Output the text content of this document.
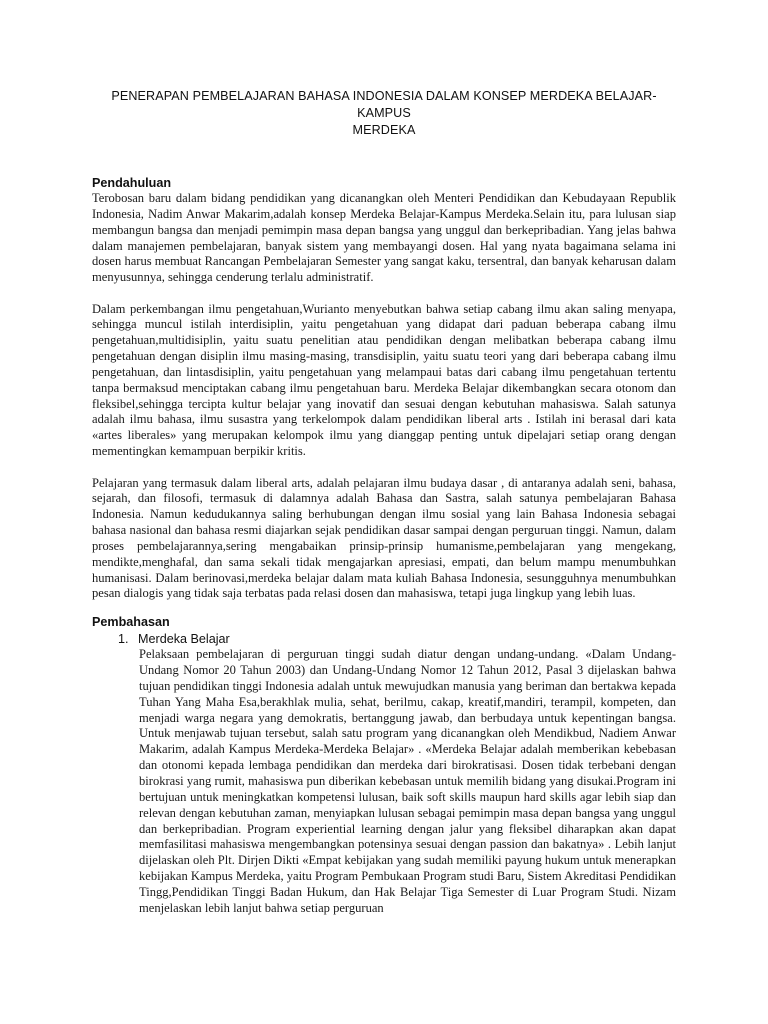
PENERAPAN PEMBELAJARAN BAHASA INDONESIA DALAM KONSEP MERDEKA BELAJAR-KAMPUS
MERDEKA

Pendahuluan

Terobosan baru dalam bidang pendidikan yang dicanangkan oleh Menteri Pendidikan dan Kebudayaan Republik Indonesia, Nadim Anwar Makarim,adalah konsep Merdeka Belajar-Kampus Merdeka.Selain itu, para lulusan siap membangun bangsa dan menjadi pemimpin masa depan bangsa yang unggul dan berkepribadian. Yang jelas bahwa dalam manajemen pembelajaran, banyak sistem yang membayangi dosen. Hal yang nyata bagaimana selama ini dosen harus membuat Rancangan Pembelajaran Semester yang sangat kaku, tersentral, dan banyak keharusan dalam menyusunnya, sehingga cenderung terlalu administratif.

Dalam perkembangan ilmu pengetahuan,Wurianto menyebutkan bahwa setiap cabang ilmu akan saling menyapa, sehingga muncul istilah interdisiplin, yaitu pengetahuan yang didapat dari paduan beberapa cabang ilmu pengetahuan,multidisiplin, yaitu suatu penelitian atau pendidikan dengan melibatkan beberapa cabang ilmu pengetahuan dengan disiplin ilmu masing-masing, transdisiplin, yaitu suatu teori yang dari beberapa cabang ilmu pengetahuan, dan lintasdisiplin, yaitu pengetahuan yang melampaui batas dari cabang ilmu pengetahuan tertentu tanpa bermaksud menciptakan cabang ilmu pengetahuan baru. Merdeka Belajar dikembangkan secara otonom dan fleksibel,sehingga tercipta kultur belajar yang inovatif dan sesuai dengan kebutuhan mahasiswa. Salah satunya adalah ilmu bahasa, ilmu susastra yang terkelompok dalam pendidikan liberal arts . Istilah ini berasal dari kata «artes liberales» yang merupakan kelompok ilmu yang dianggap penting untuk dipelajari setiap orang dengan mementingkan kemampuan berpikir kritis.

Pelajaran yang termasuk dalam liberal arts, adalah pelajaran ilmu budaya dasar , di antaranya adalah seni, bahasa, sejarah, dan filosofi, termasuk di dalamnya adalah Bahasa dan Sastra, salah satunya pembelajaran Bahasa Indonesia. Namun kedudukannya saling berhubungan dengan ilmu sosial yang lain Bahasa Indonesia sebagai bahasa nasional dan bahasa resmi diajarkan sejak pendidikan dasar sampai dengan perguruan tinggi. Namun, dalam proses pembelajarannya,sering mengabaikan prinsip-prinsip humanisme,pembelajaran yang mengekang, mendikte,menghafal, dan sama sekali tidak mengajarkan apresiasi, empati, dan belum mampu menumbuhkan humanisasi. Dalam berinovasi,merdeka belajar dalam mata kuliah Bahasa Indonesia, sesungguhnya menumbuhkan pesan dialogis yang tidak saja terbatas pada relasi dosen dan mahasiswa, tetapi juga lingkup yang lebih luas.

Pembahasan

1. Merdeka Belajar

Pelaksaan pembelajaran di perguruan tinggi sudah diatur dengan undang-undang. «Dalam Undang-Undang Nomor 20 Tahun 2003) dan Undang-Undang Nomor 12 Tahun 2012, Pasal 3 dijelaskan bahwa tujuan pendidikan tinggi Indonesia adalah untuk mewujudkan manusia yang beriman dan bertakwa kepada Tuhan Yang Maha Esa,berakhlak mulia, sehat, berilmu, cakap, kreatif,mandiri, terampil, kompeten, dan menjadi warga negara yang demokratis, bertanggung jawab, dan berbudaya untuk kepentingan bangsa. Untuk menjawab tujuan tersebut, salah satu program yang dicanangkan oleh Mendikbud, Nadiem Anwar Makarim, adalah Kampus Merdeka-Merdeka Belajar» . «Merdeka Belajar adalah memberikan kebebasan dan otonomi kepada lembaga pendidikan dan merdeka dari birokratisasi. Dosen tidak terbebani dengan birokrasi yang rumit, mahasiswa pun diberikan kebebasan untuk memilih bidang yang disukai.Program ini bertujuan untuk meningkatkan kompetensi lulusan, baik soft skills maupun hard skills agar lebih siap dan relevan dengan kebutuhan zaman, menyiapkan lulusan sebagai pemimpin masa depan bangsa yang unggul dan berkepribadian. Program experiential learning dengan jalur yang fleksibel diharapkan akan dapat memfasilitasi mahasiswa mengembangkan potensinya sesuai dengan passion dan bakatnya» . Lebih lanjut dijelaskan oleh Plt. Dirjen Dikti «Empat kebijakan yang sudah memiliki payung hukum untuk menerapkan kebijakan Kampus Merdeka, yaitu Program Pembukaan Program studi Baru, Sistem Akreditasi Pendidikan Tingg,Pendidikan Tinggi Badan Hukum, dan Hak Belajar Tiga Semester di Luar Program Studi. Nizam menjelaskan lebih lanjut bahwa setiap perguruan
